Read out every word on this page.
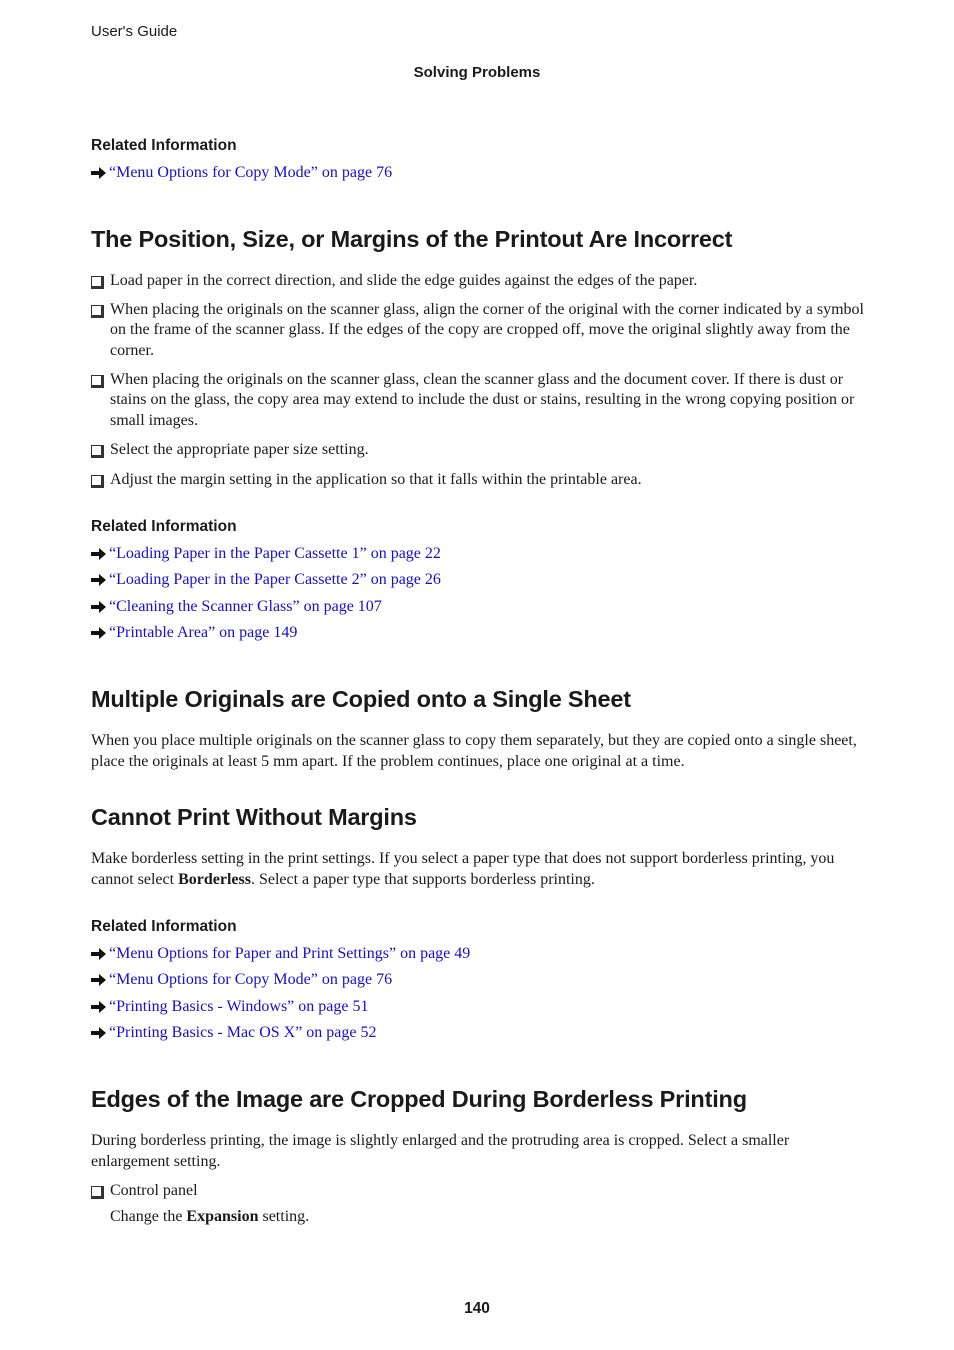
User's Guide
Solving Problems
Related Information
“Menu Options for Copy Mode” on page 76
The Position, Size, or Margins of the Printout Are Incorrect
Load paper in the correct direction, and slide the edge guides against the edges of the paper.
When placing the originals on the scanner glass, align the corner of the original with the corner indicated by a symbol on the frame of the scanner glass. If the edges of the copy are cropped off, move the original slightly away from the corner.
When placing the originals on the scanner glass, clean the scanner glass and the document cover. If there is dust or stains on the glass, the copy area may extend to include the dust or stains, resulting in the wrong copying position or small images.
Select the appropriate paper size setting.
Adjust the margin setting in the application so that it falls within the printable area.
Related Information
“Loading Paper in the Paper Cassette 1” on page 22
“Loading Paper in the Paper Cassette 2” on page 26
“Cleaning the Scanner Glass” on page 107
“Printable Area” on page 149
Multiple Originals are Copied onto a Single Sheet

When you place multiple originals on the scanner glass to copy them separately, but they are copied onto a single sheet, place the originals at least 5 mm apart. If the problem continues, place one original at a time.

Cannot Print Without Margins

Make borderless setting in the print settings. If you select a paper type that does not support borderless printing, you cannot select Borderless. Select a paper type that supports borderless printing.

Related Information
“Menu Options for Paper and Print Settings” on page 49
“Menu Options for Copy Mode” on page 76
“Printing Basics - Windows” on page 51
“Printing Basics - Mac OS X” on page 52
Edges of the Image are Cropped During Borderless Printing

During borderless printing, the image is slightly enlarged and the protruding area is cropped. Select a smaller enlargement setting.

Control panel

Change the Expansion setting.

140
